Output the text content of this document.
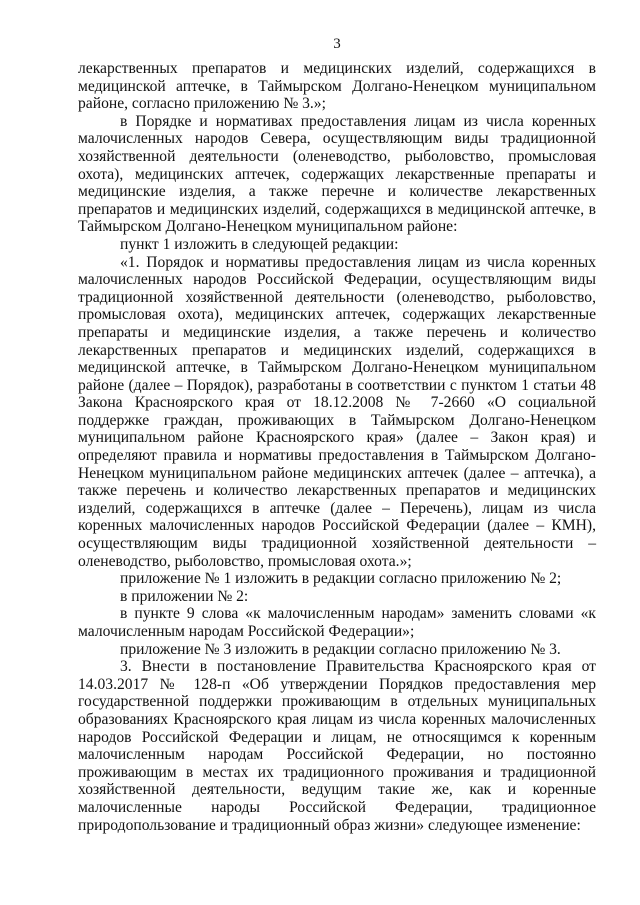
3

лекарственных препаратов и медицинских изделий, содержащихся в медицинской аптечке, в Таймырском Долгано-Ненецком муниципальном районе, согласно приложению № 3.»;

в Порядке и нормативах предоставления лицам из числа коренных малочисленных народов Севера, осуществляющим виды традиционной хозяйственной деятельности (оленеводство, рыболовство, промысловая охота), медицинских аптечек, содержащих лекарственные препараты и медицинские изделия, а также перечне и количестве лекарственных препаратов и медицинских изделий, содержащихся в медицинской аптечке, в Таймырском Долгано-Ненецком муниципальном районе:

пункт 1 изложить в следующей редакции:

«1. Порядок и нормативы предоставления лицам из числа коренных малочисленных народов Российской Федерации, осуществляющим виды традиционной хозяйственной деятельности (оленеводство, рыболовство, промысловая охота), медицинских аптечек, содержащих лекарственные препараты и медицинские изделия, а также перечень и количество лекарственных препаратов и медицинских изделий, содержащихся в медицинской аптечке, в Таймырском Долгано-Ненецком муниципальном районе (далее – Порядок), разработаны в соответствии с пунктом 1 статьи 48 Закона Красноярского края от 18.12.2008 № 7-2660 «О социальной поддержке граждан, проживающих в Таймырском Долгано-Ненецком муниципальном районе Красноярского края» (далее – Закон края) и определяют правила и нормативы предоставления в Таймырском Долгано-Ненецком муниципальном районе медицинских аптечек (далее – аптечка), а также перечень и количество лекарственных препаратов и медицинских изделий, содержащихся в аптечке (далее – Перечень), лицам из числа коренных малочисленных народов Российской Федерации (далее – КМН), осуществляющим виды традиционной хозяйственной деятельности – оленеводство, рыболовство, промысловая охота.»;

приложение № 1 изложить в редакции согласно приложению № 2;

в приложении № 2:

в пункте 9 слова «к малочисленным народам» заменить словами «к малочисленным народам Российской Федерации»;

приложение № 3 изложить в редакции согласно приложению № 3.

3. Внести в постановление Правительства Красноярского края от 14.03.2017 № 128-п «Об утверждении Порядков предоставления мер государственной поддержки проживающим в отдельных муниципальных образованиях Красноярского края лицам из числа коренных малочисленных народов Российской Федерации и лицам, не относящимся к коренным малочисленным народам Российской Федерации, но постоянно проживающим в местах их традиционного проживания и традиционной хозяйственной деятельности, ведущим такие же, как и коренные малочисленные народы Российской Федерации, традиционное природопользование и традиционный образ жизни» следующее изменение:
